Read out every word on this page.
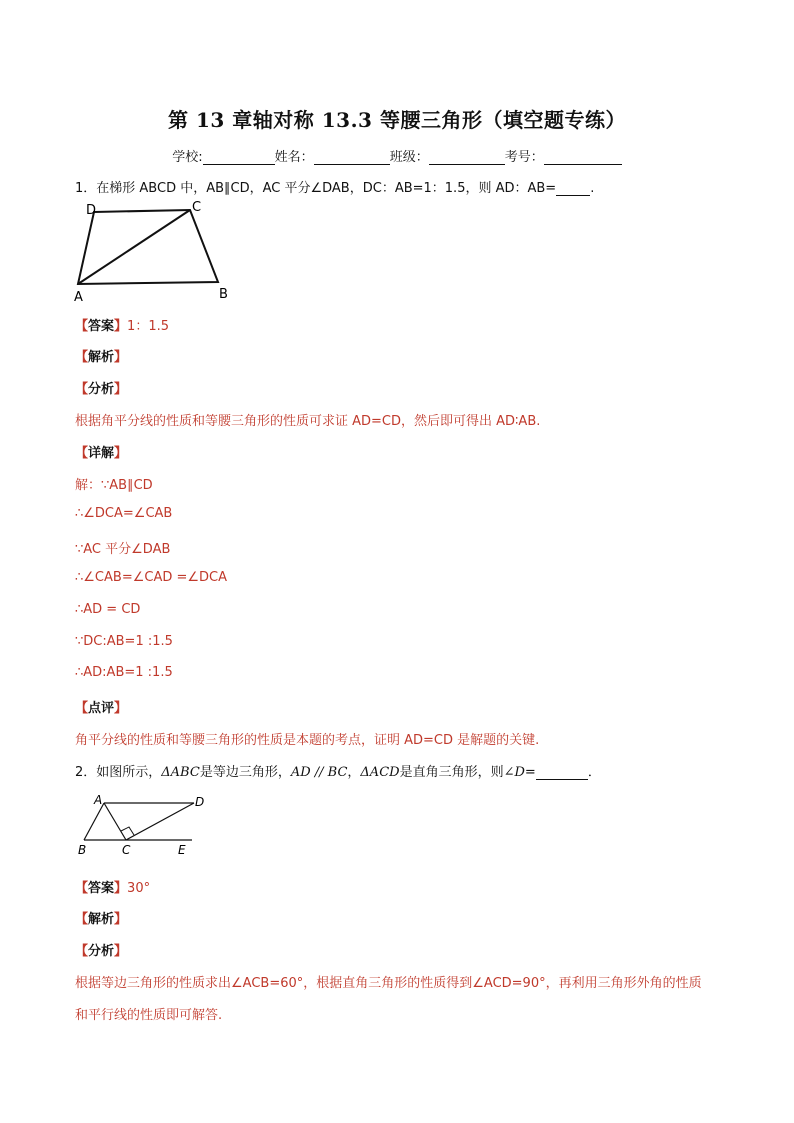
第 13 章轴对称 13.3 等腰三角形（填空题专练）
学校:	姓名：	班级：	考号：
1．在梯形 ABCD 中，AB∥CD，AC 平分∠DAB，DC：AB=1：1.5，则 AD：AB=	.
D	C
A	B
【答案】1：1.5
【解析】
【分析】
根据角平分线的性质和等腰三角形的性质可求证 AD=CD，然后即可得出 AD∶AB.
【详解】
解：∵AB∥CD
∴∠DCA=∠CAB
∵AC 平分∠DAB
∴∠CAB=∠CAD =∠DCA
∴AD = CD
∵DC:AB=1 :1.5
∴AD:AB=1 :1.5
【点评】
角平分线的性质和等腰三角形的性质是本题的考点，证明 AD=CD 是解题的关键.
2．如图所示，ΔABC是等边三角形，AD // BC，ΔACD是直角三角形，则∠D=	．
A	D
B	C	E
【答案】30°
【解析】
【分析】
根据等边三角形的性质求出∠ACB=60°，根据直角三角形的性质得到∠ACD=90°，再利用三角形外角的性质
和平行线的性质即可解答.
